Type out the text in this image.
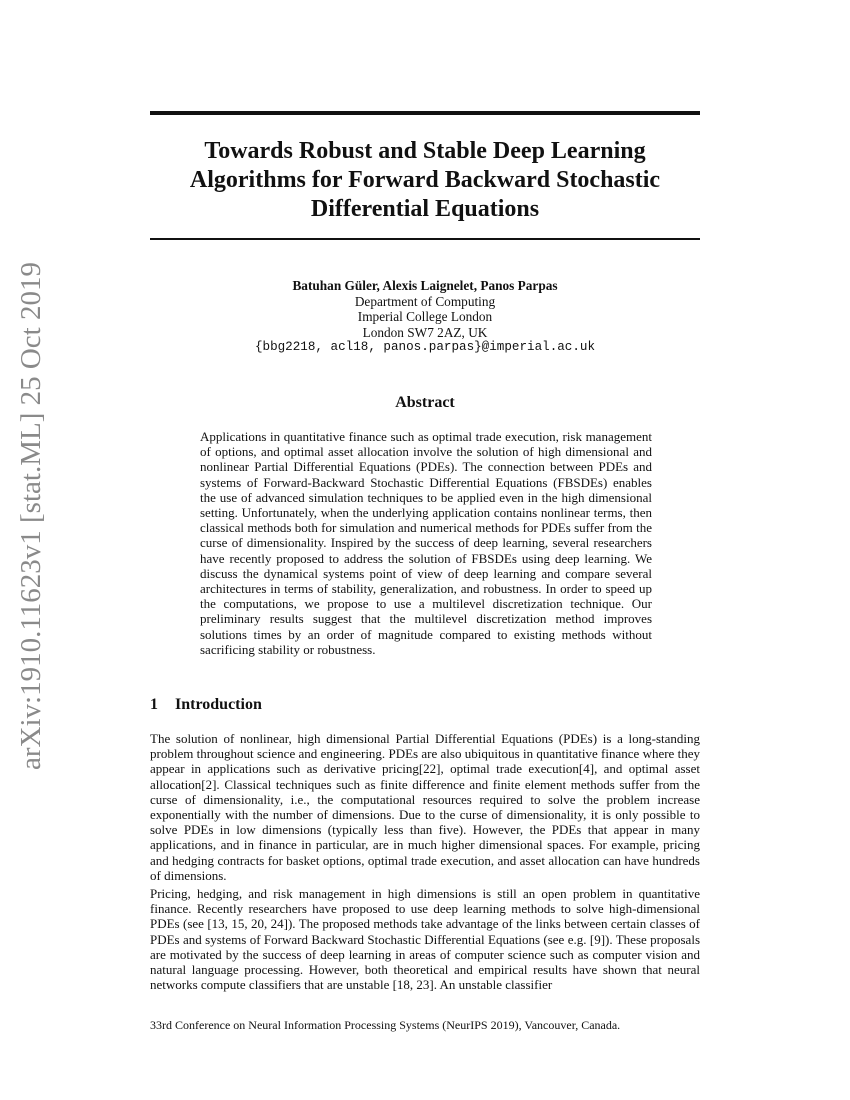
arXiv:1910.11623v1 [stat.ML] 25 Oct 2019
Towards Robust and Stable Deep Learning Algorithms for Forward Backward Stochastic Differential Equations
Batuhan Güler, Alexis Laignelet, Panos Parpas
Department of Computing
Imperial College London
London SW7 2AZ, UK
{bbg2218, acl18, panos.parpas}@imperial.ac.uk
Abstract

Applications in quantitative finance such as optimal trade execution, risk management of options, and optimal asset allocation involve the solution of high dimensional and nonlinear Partial Differential Equations (PDEs). The connection between PDEs and systems of Forward-Backward Stochastic Differential Equations (FBSDEs) enables the use of advanced simulation techniques to be applied even in the high dimensional setting. Unfortunately, when the underlying application contains nonlinear terms, then classical methods both for simulation and numerical methods for PDEs suffer from the curse of dimensionality. Inspired by the success of deep learning, several researchers have recently proposed to address the solution of FBSDEs using deep learning. We discuss the dynamical systems point of view of deep learning and compare several architectures in terms of stability, generalization, and robustness. In order to speed up the computations, we propose to use a multilevel discretization technique. Our preliminary results suggest that the multilevel discretization method improves solutions times by an order of magnitude compared to existing methods without sacrificing stability or robustness.

1 Introduction

The solution of nonlinear, high dimensional Partial Differential Equations (PDEs) is a long-standing problem throughout science and engineering. PDEs are also ubiquitous in quantitative finance where they appear in applications such as derivative pricing[22], optimal trade execution[4], and optimal asset allocation[2]. Classical techniques such as finite difference and finite element methods suffer from the curse of dimensionality, i.e., the computational resources required to solve the problem increase exponentially with the number of dimensions. Due to the curse of dimensionality, it is only possible to solve PDEs in low dimensions (typically less than five). However, the PDEs that appear in many applications, and in finance in particular, are in much higher dimensional spaces. For example, pricing and hedging contracts for basket options, optimal trade execution, and asset allocation can have hundreds of dimensions.

Pricing, hedging, and risk management in high dimensions is still an open problem in quantitative finance. Recently researchers have proposed to use deep learning methods to solve high-dimensional PDEs (see [13, 15, 20, 24]). The proposed methods take advantage of the links between certain classes of PDEs and systems of Forward Backward Stochastic Differential Equations (see e.g. [9]). These proposals are motivated by the success of deep learning in areas of computer science such as computer vision and natural language processing. However, both theoretical and empirical results have shown that neural networks compute classifiers that are unstable [18, 23]. An unstable classifier

33rd Conference on Neural Information Processing Systems (NeurIPS 2019), Vancouver, Canada.
